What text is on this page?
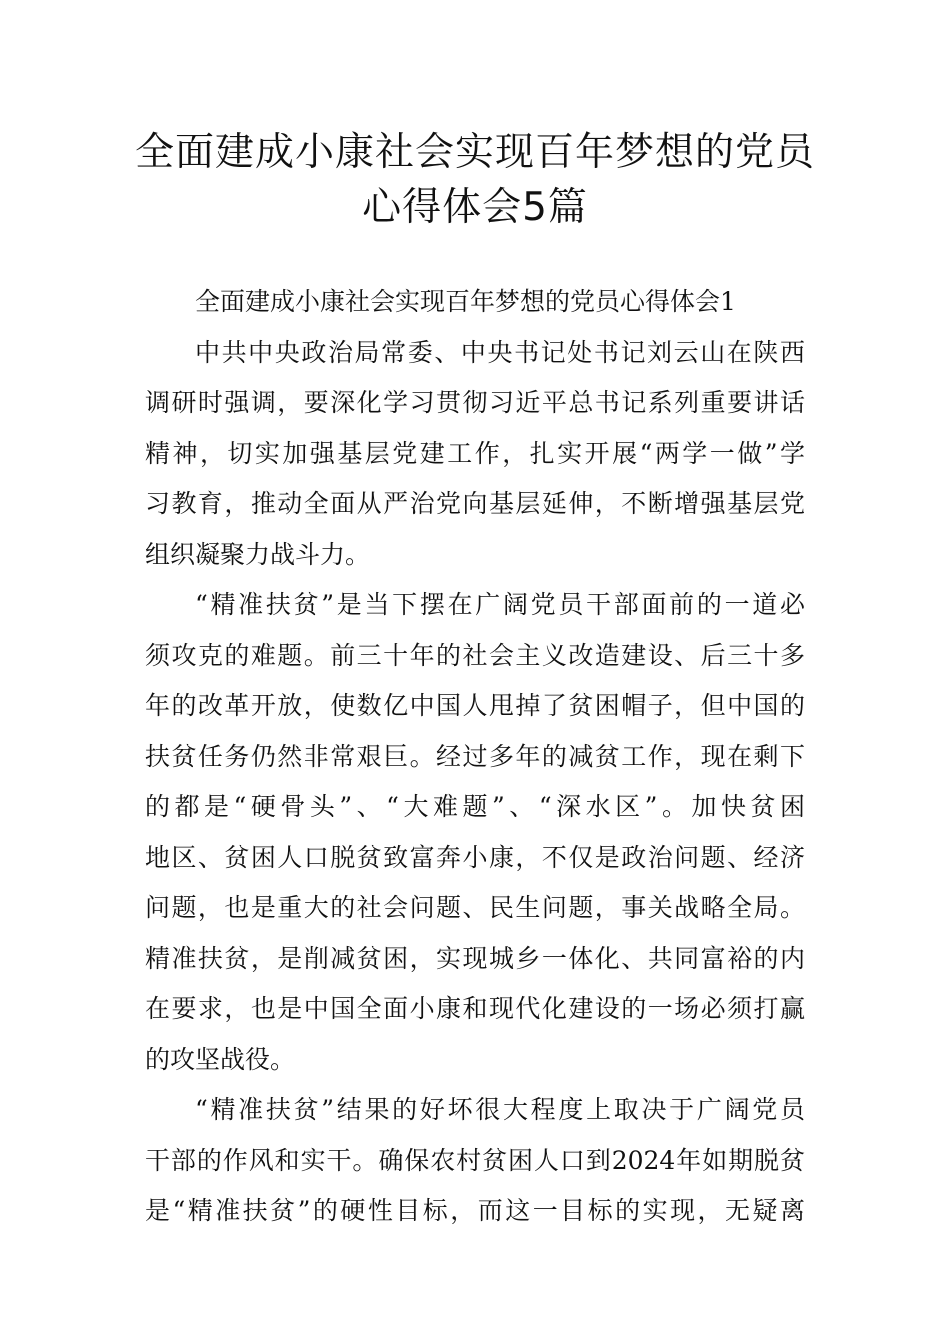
全面建成小康社会实现百年梦想的党员
心得体会5篇
全面建成小康社会实现百年梦想的党员心得体会1
中共中央政治局常委、中央书记处书记刘云山在陕西
调研时强调，要深化学习贯彻习近平总书记系列重要讲话
精神，切实加强基层党建工作，扎实开展“两学一做”学
习教育，推动全面从严治党向基层延伸，不断增强基层党
组织凝聚力战斗力。
“精准扶贫”是当下摆在广阔党员干部面前的一道必
须攻克的难题。前三十年的社会主义改造建设、后三十多
年的改革开放，使数亿中国人甩掉了贫困帽子，但中国的
扶贫任务仍然非常艰巨。经过多年的减贫工作，现在剩下
的都是“硬骨头”、“大难题”、“深水区”。加快贫困
地区、贫困人口脱贫致富奔小康，不仅是政治问题、经济
问题，也是重大的社会问题、民生问题，事关战略全局。
精准扶贫，是削减贫困，实现城乡一体化、共同富裕的内
在要求，也是中国全面小康和现代化建设的一场必须打赢
的攻坚战役。
“精准扶贫”结果的好坏很大程度上取决于广阔党员
干部的作风和实干。确保农村贫困人口到2024年如期脱贫
是“精准扶贫”的硬性目标，而这一目标的实现，无疑离
